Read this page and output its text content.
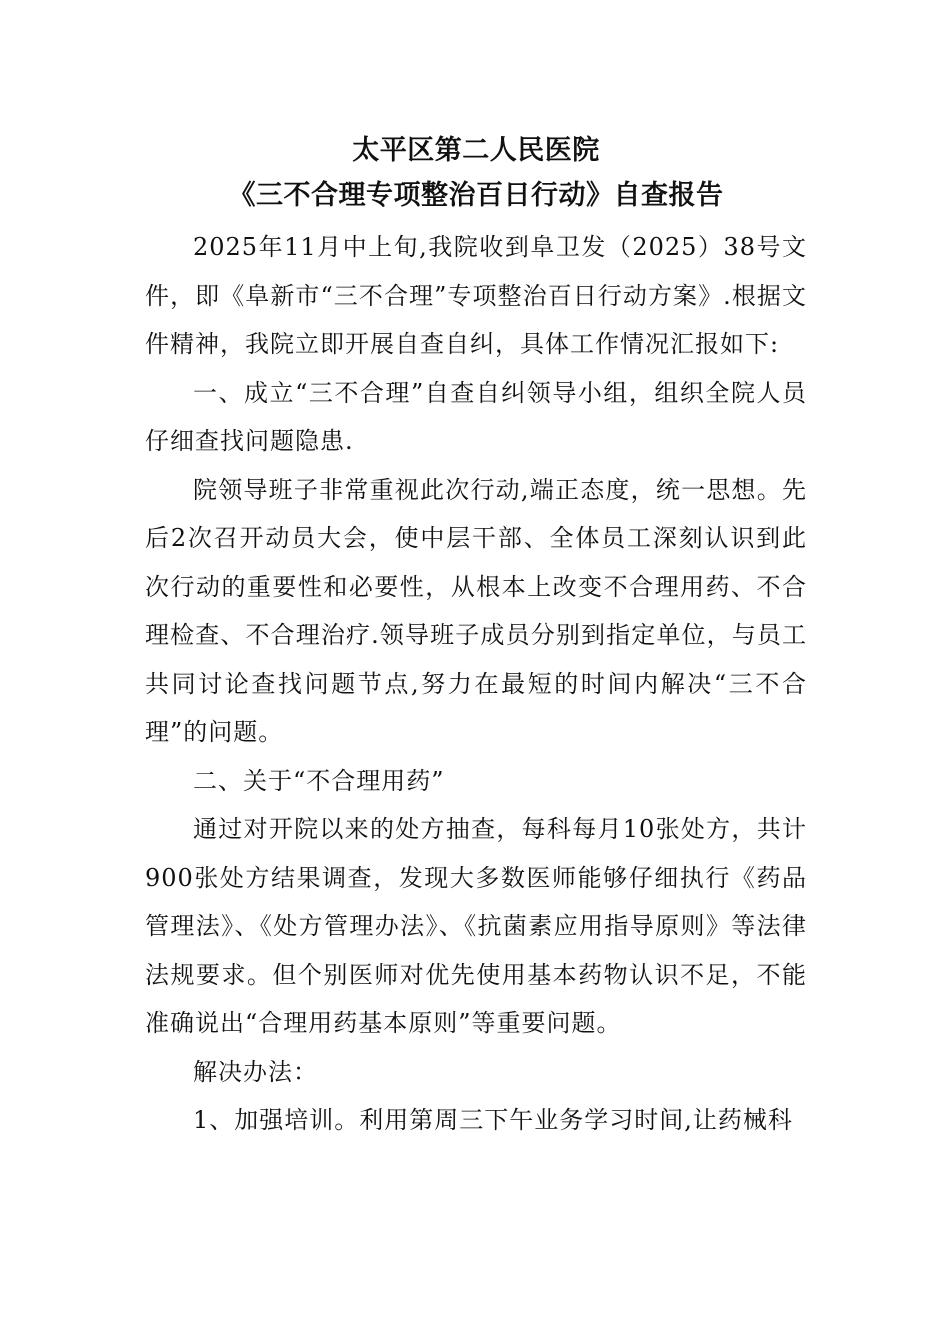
太平区第二人民医院
《三不合理专项整治百日行动》自查报告

2025年11月中上旬,我院收到阜卫发（2025）38号文件，即《阜新市“三不合理”专项整治百日行动方案》.根据文件精神，我院立即开展自查自纠，具体工作情况汇报如下:

一、成立“三不合理”自查自纠领导小组，组织全院人员仔细查找问题隐患.

院领导班子非常重视此次行动,端正态度，统一思想。先后2次召开动员大会，使中层干部、全体员工深刻认识到此次行动的重要性和必要性，从根本上改变不合理用药、不合理检查、不合理治疗.领导班子成员分别到指定单位，与员工共同讨论查找问题节点,努力在最短的时间内解决“三不合理”的问题。

二、关于“不合理用药”

通过对开院以来的处方抽查，每科每月10张处方，共计900张处方结果调查，发现大多数医师能够仔细执行《药品管理法》、《处方管理办法》、《抗菌素应用指导原则》等法律法规要求。但个别医师对优先使用基本药物认识不足，不能准确说出“合理用药基本原则”等重要问题。

解决办法：

1、加强培训。利用第周三下午业务学习时间,让药械科
